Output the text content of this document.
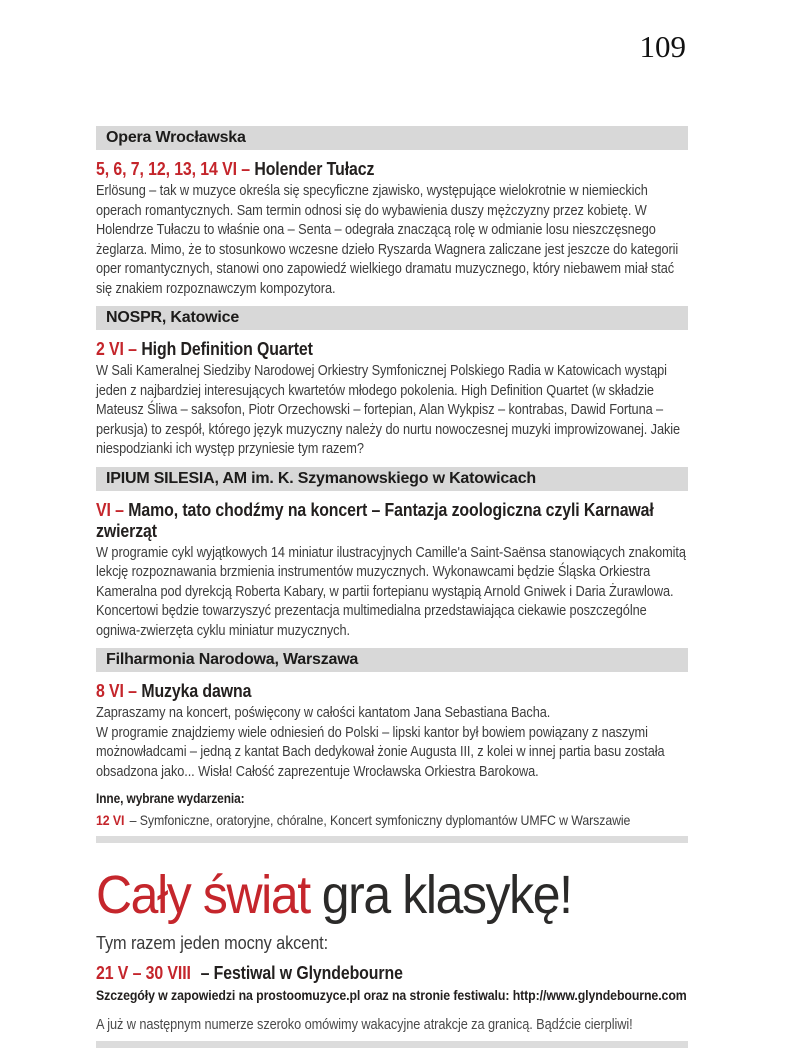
109
Opera Wrocławska
5, 6, 7, 12, 13, 14 VI – Holender Tułacz

Erlösung – tak w muzyce określa się specyficzne zjawisko, występujące wielokrotnie w niemieckich operach romantycznych. Sam termin odnosi się do wybawienia duszy mężczyzny przez kobietę. W Holendrze Tułaczu to właśnie ona – Senta – odegrała znaczącą rolę w odmianie losu nieszczęsnego żeglarza. Mimo, że to stosunkowo wczesne dzieło Ryszarda Wagnera zaliczane jest jeszcze do kategorii oper romantycznych, stanowi ono zapowiedź wielkiego dramatu muzycznego, który niebawem miał stać się znakiem rozpoznawczym kompozytora.

NOSPR, Katowice
2 VI – High Definition Quartet

W Sali Kameralnej Siedziby Narodowej Orkiestry Symfonicznej Polskiego Radia w Katowicach wystąpi jeden z najbardziej interesujących kwartetów młodego pokolenia. High Definition Quartet (w składzie Mateusz Śliwa – saksofon, Piotr Orzechowski – fortepian, Alan Wykpisz – kontrabas, Dawid Fortuna – perkusja) to zespół, którego język muzyczny należy do nurtu nowoczesnej muzyki improwizowanej. Jakie niespodzianki ich występ przyniesie tym razem?

IPIUM SILESIA, AM im. K. Szymanowskiego w Katowicach
VI – Mamo, tato chodźmy na koncert – Fantazja zoologiczna czyli Karnawał zwierząt

W programie cykl wyjątkowych 14 miniatur ilustracyjnych Camille'a Saint-Saënsa stanowiących znakomitą lekcję rozpoznawania brzmienia instrumentów muzycznych. Wykonawcami będzie Śląska Orkiestra Kameralna pod dyrekcją Roberta Kabary, w partii fortepianu wystąpią Arnold Gniwek i Daria Żurawlowa. Koncertowi będzie towarzyszyć prezentacja multimedialna przedstawiająca ciekawie poszczególne ogniwa-zwierzęta cyklu miniatur muzycznych.

Filharmonia Narodowa, Warszawa
8 VI – Muzyka dawna

Zapraszamy na koncert, poświęcony w całości kantatom Jana Sebastiana Bacha.

W programie znajdziemy wiele odniesień do Polski – lipski kantor był bowiem powiązany z naszymi możnowładcami – jedną z kantat Bach dedykował żonie Augusta III, z kolei w innej partia basu została obsadzona jako... Wisła! Całość zaprezentuje Wrocławska Orkiestra Barokowa.

Inne, wybrane wydarzenia:
12 VI – Symfoniczne, oratoryjne, chóralne, Koncert symfoniczny dyplomantów UMFC w Warszawie
Cały świat gra klasykę!
Tym razem jeden mocny akcent:
21 V – 30 VIII – Festiwal w Glyndebourne
Szczegóły w zapowiedzi na prostoomuzyce.pl oraz na stronie festiwalu: http://www.glyndebourne.com

A już w następnym numerze szeroko omówimy wakacyjne atrakcje za granicą. Bądźcie cierpliwi!
